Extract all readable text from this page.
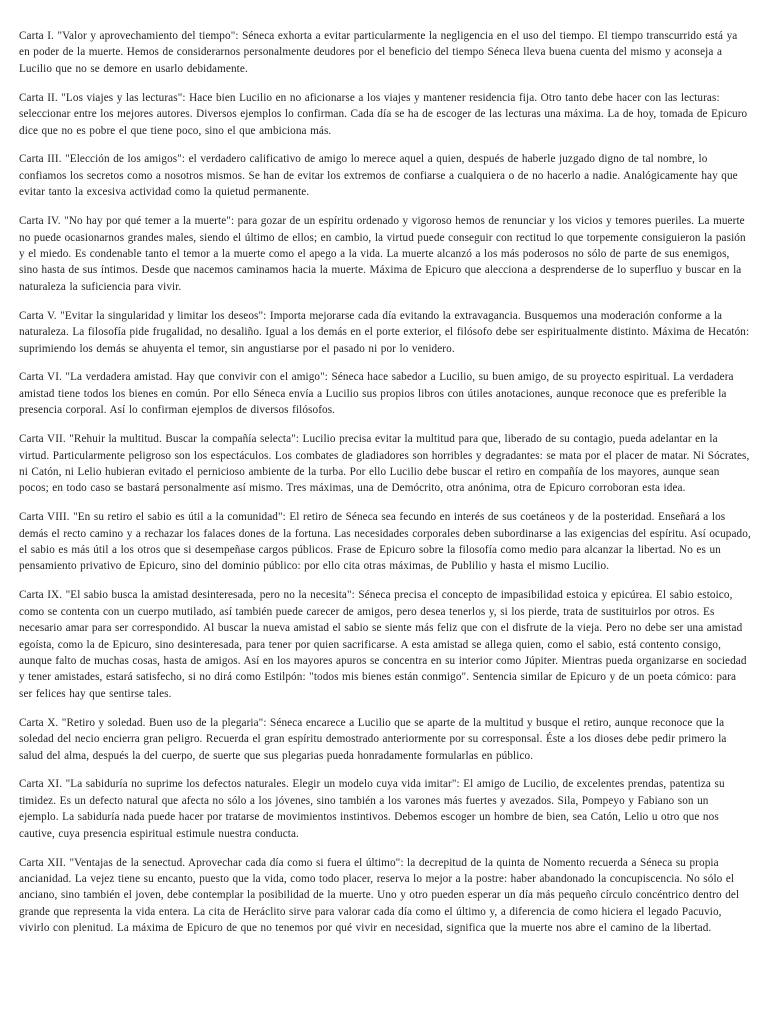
Carta I. "Valor y aprovechamiento del tiempo": Séneca exhorta a evitar particularmente la negligencia en el uso del tiempo. El tiempo transcurrido está ya en poder de la muerte. Hemos de considerarnos personalmente deudores por el beneficio del tiempo Séneca lleva buena cuenta del mismo y aconseja a Lucilio que no se demore en usarlo debidamente.

Carta II. "Los viajes y las lecturas": Hace bien Lucilio en no aficionarse a los viajes y mantener residencia fija. Otro tanto debe hacer con las lecturas: seleccionar entre los mejores autores. Diversos ejemplos lo confirman. Cada día se ha de escoger de las lecturas una máxima. La de hoy, tomada de Epicuro dice que no es pobre el que tiene poco, sino el que ambiciona más.

Carta III. "Elección de los amigos": el verdadero calificativo de amigo lo merece aquel a quien, después de haberle juzgado digno de tal nombre, lo confiamos los secretos como a nosotros mismos. Se han de evitar los extremos de confiarse a cualquiera o de no hacerlo a nadie. Analógicamente hay que evitar tanto la excesiva actividad como la quietud permanente.

Carta IV. "No hay por qué temer a la muerte": para gozar de un espíritu ordenado y vigoroso hemos de renunciar y los vicios y temores pueriles. La muerte no puede ocasionarnos grandes males, siendo el último de ellos; en cambio, la virtud puede conseguir con rectitud lo que torpemente consiguieron la pasión y el miedo. Es condenable tanto el temor a la muerte como el apego a la vida. La muerte alcanzó a los más poderosos no sólo de parte de sus enemigos, sino hasta de sus íntimos. Desde que nacemos caminamos hacia la muerte. Máxima de Epicuro que alecciona a desprenderse de lo superfluo y buscar en la naturaleza la suficiencia para vivir.

Carta V. "Evitar la singularidad y limitar los deseos": Importa mejorarse cada día evitando la extravagancia. Busquemos una moderación conforme a la naturaleza. La filosofía pide frugalidad, no desaliño. Igual a los demás en el porte exterior, el filósofo debe ser espiritualmente distinto. Máxima de Hecatón: suprimiendo los demás se ahuyenta el temor, sin angustiarse por el pasado ni por lo venidero.

Carta VI. "La verdadera amistad. Hay que convivir con el amigo": Séneca hace sabedor a Lucilio, su buen amigo, de su proyecto espiritual. La verdadera amistad tiene todos los bienes en común. Por ello Séneca envía a Lucilio sus propios libros con útiles anotaciones, aunque reconoce que es preferible la presencia corporal. Así lo confirman ejemplos de diversos filósofos.

Carta VII. "Rehuir la multitud. Buscar la compañía selecta": Lucilio precisa evitar la multitud para que, liberado de su contagio, pueda adelantar en la virtud. Particularmente peligroso son los espectáculos. Los combates de gladiadores son horribles y degradantes: se mata por el placer de matar. Ni Sócrates, ni Catón, ni Lelio hubieran evitado el pernicioso ambiente de la turba. Por ello Lucilio debe buscar el retiro en compañía de los mayores, aunque sean pocos; en todo caso se bastará personalmente así mismo. Tres máximas, una de Demócrito, otra anónima, otra de Epicuro corroboran esta idea.

Carta VIII. "En su retiro el sabio es útil a la comunidad": El retiro de Séneca sea fecundo en interés de sus coetáneos y de la posteridad. Enseñará a los demás el recto camino y a rechazar los falaces dones de la fortuna. Las necesidades corporales deben subordinarse a las exigencias del espíritu. Así ocupado, el sabio es más útil a los otros que si desempeñase cargos públicos. Frase de Epicuro sobre la filosofía como medio para alcanzar la libertad. No es un pensamiento privativo de Epicuro, sino del dominio público: por ello cita otras máximas, de Publilio y hasta el mismo Lucilio.

Carta IX. "El sabio busca la amistad desinteresada, pero no la necesita": Séneca precisa el concepto de impasibilidad estoica y epicúrea. El sabio estoico, como se contenta con un cuerpo mutilado, así también puede carecer de amigos, pero desea tenerlos y, si los pierde, trata de sustituirlos por otros. Es necesario amar para ser correspondido. Al buscar la nueva amistad el sabio se siente más feliz que con el disfrute de la vieja. Pero no debe ser una amistad egoísta, como la de Epicuro, sino desinteresada, para tener por quien sacrificarse. A esta amistad se allega quien, como el sabio, está contento consigo, aunque falto de muchas cosas, hasta de amigos. Así en los mayores apuros se concentra en su interior como Júpiter. Mientras pueda organizarse en sociedad y tener amistades, estará satisfecho, si no dirá como Estilpón: "todos mis bienes están conmigo". Sentencia similar de Epicuro y de un poeta cómico: para ser felices hay que sentirse tales.

Carta X. "Retiro y soledad. Buen uso de la plegaria": Séneca encarece a Lucilio que se aparte de la multitud y busque el retiro, aunque reconoce que la soledad del necio encierra gran peligro. Recuerda el gran espíritu demostrado anteriormente por su corresponsal. Éste a los dioses debe pedir primero la salud del alma, después la del cuerpo, de suerte que sus plegarias pueda honradamente formularlas en público.

Carta XI. "La sabiduría no suprime los defectos naturales. Elegir un modelo cuya vida imitar": El amigo de Lucilio, de excelentes prendas, patentiza su timidez. Es un defecto natural que afecta no sólo a los jóvenes, sino también a los varones más fuertes y avezados. Sila, Pompeyo y Fabiano son un ejemplo. La sabiduría nada puede hacer por tratarse de movimientos instintivos. Debemos escoger un hombre de bien, sea Catón, Lelio u otro que nos cautive, cuya presencia espiritual estimule nuestra conducta.

Carta XII. "Ventajas de la senectud. Aprovechar cada día como si fuera el último": la decrepitud de la quinta de Nomento recuerda a Séneca su propia ancianidad. La vejez tiene su encanto, puesto que la vida, como todo placer, reserva lo mejor a la postre: haber abandonado la concupiscencia. No sólo el anciano, sino también el joven, debe contemplar la posibilidad de la muerte. Uno y otro pueden esperar un día más pequeño círculo concéntrico dentro del grande que representa la vida entera. La cita de Heráclito sirve para valorar cada día como el último y, a diferencia de como hiciera el legado Pacuvio, vivirlo con plenitud. La máxima de Epicuro de que no tenemos por qué vivir en necesidad, significa que la muerte nos abre el camino de la libertad.
